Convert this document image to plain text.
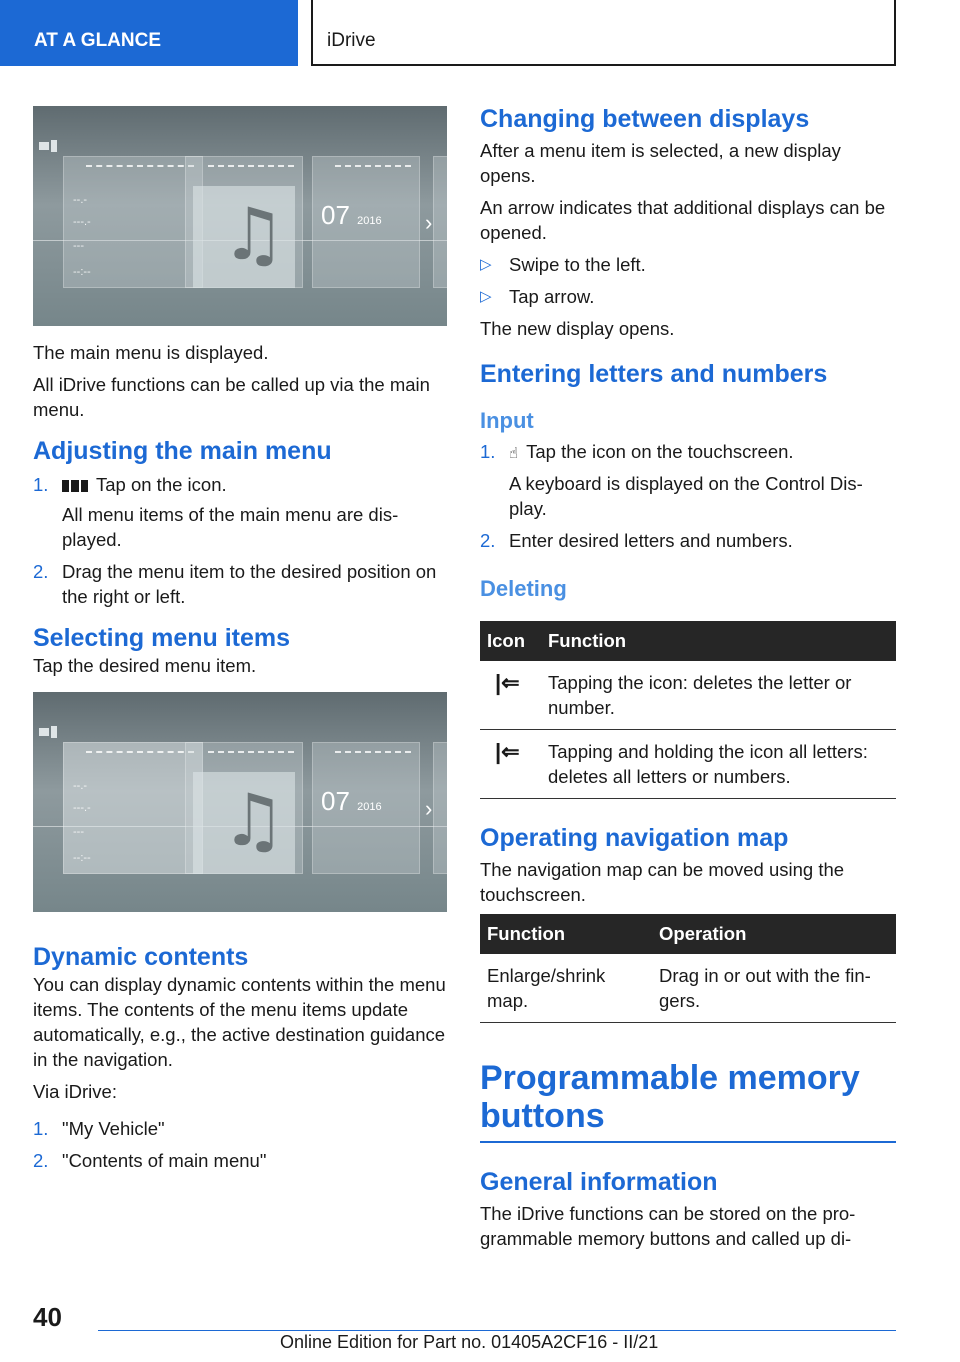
AT A GLANCE	iDrive
♫ 07 2016
--.-
---.-
---
--:--
›

The main menu is displayed.

All iDrive functions can be called up via the main menu.

Adjusting the main menu
1.	Tap on the icon.
All menu items of the main menu are dis‐played.
2. Drag the menu item to the desired position on the right or left.
Selecting menu items

Tap the desired menu item.

♫ 07 2016
--.-
---.-
---
--:--
›
Dynamic contents

You can display dynamic contents within the menu items. The contents of the menu items update automatically, e.g., the active destination guidance in the navigation.

Via iDrive:

1. "My Vehicle"
2. "Contents of main menu"
Changing between displays

After a menu item is selected, a new display opens.

An arrow indicates that additional displays can be opened.

▷ Swipe to the left.
▷ Tap arrow.

The new display opens.

Entering letters and numbers
Input
1. ☝ Tap the icon on the touchscreen.
A keyboard is displayed on the Control Dis‐play.
2. Enter desired letters and numbers.
Deleting
Icon	Function
|⇐	Tapping the icon: deletes the letter or number.
|⇐	Tapping and holding the icon all letters: deletes all letters or numbers.
Operating navigation map

The navigation map can be moved using the touchscreen.

Function	Operation
Enlarge/shrink map.	Drag in or out with the fin‐gers.
Programmable memory buttons
General information

The iDrive functions can be stored on the pro‐grammable memory buttons and called up di‐

40
Online Edition for Part no. 01405A2CF16 - II/21
